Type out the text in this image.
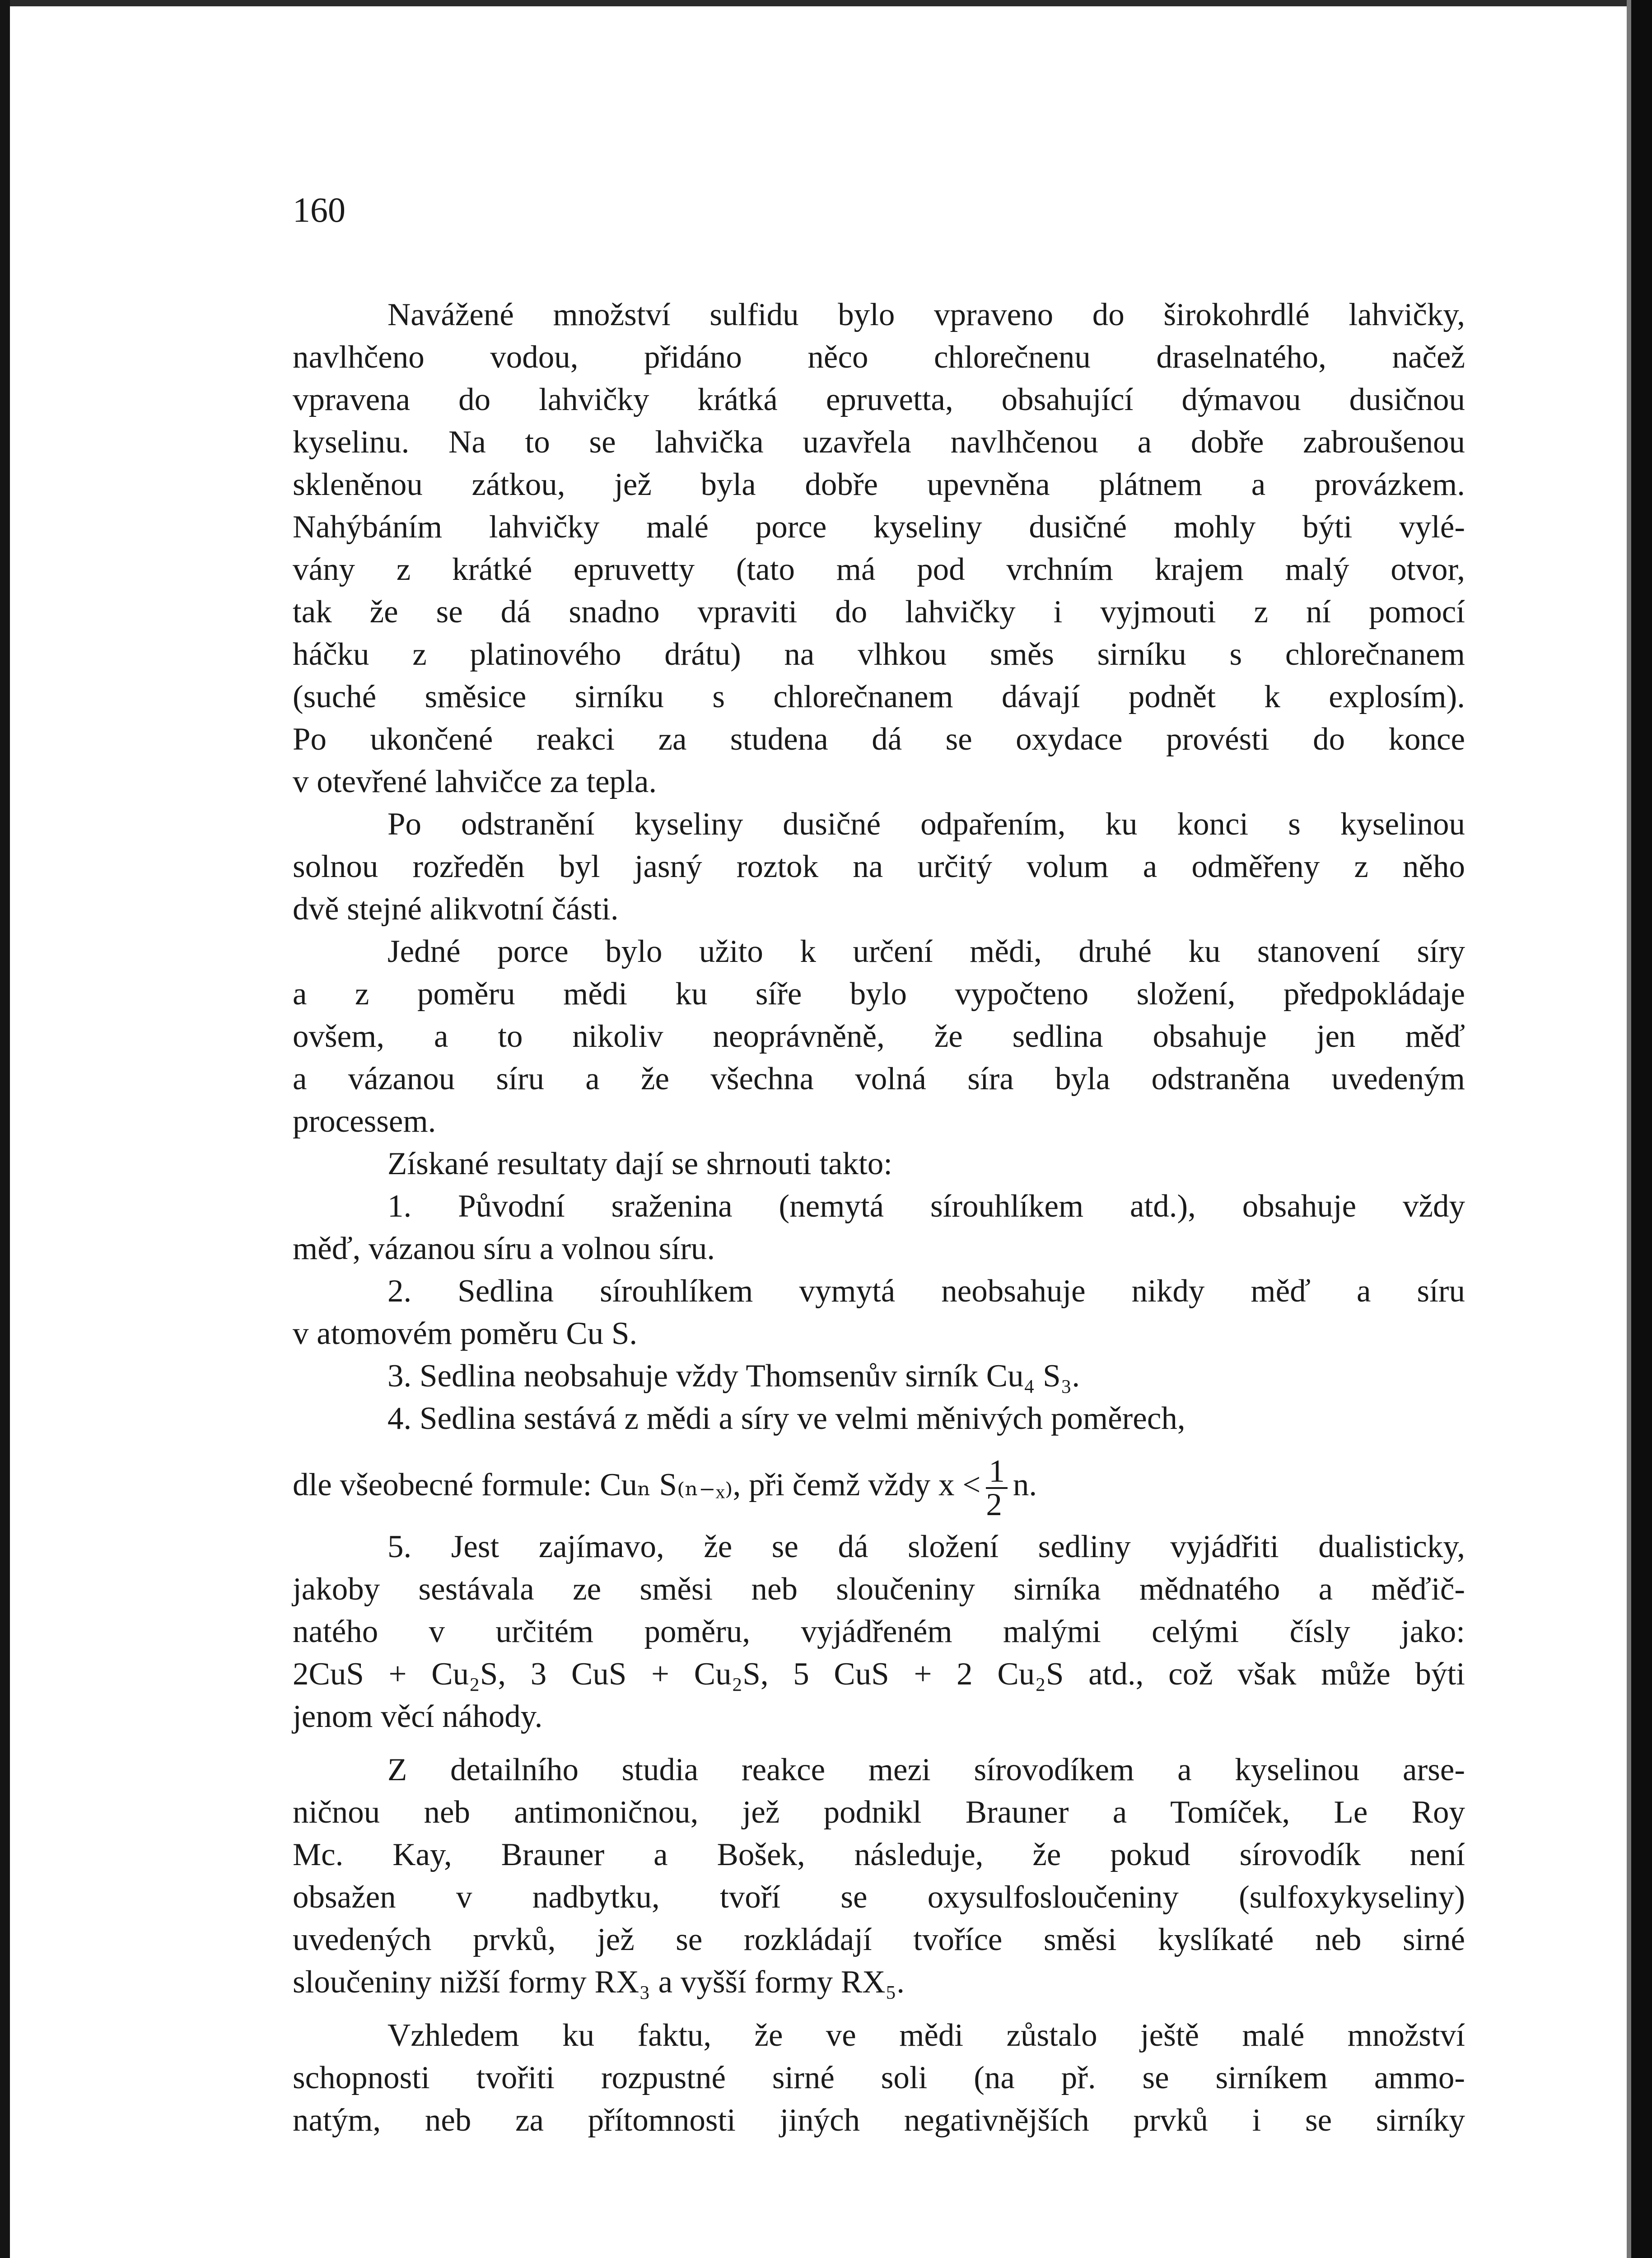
160
Navážené množství sulfidu bylo vpraveno do širokohrdlé lahvičky,
navlhčeno vodou, přidáno něco chlorečnenu draselnatého, načež
vpravena do lahvičky krátká epruvetta, obsahující dýmavou dusičnou
kyselinu. Na to se lahvička uzavřela navlhčenou a dobře zabroušenou
skleněnou zátkou, jež byla dobře upevněna plátnem a provázkem.
Nahýbáním lahvičky malé porce kyseliny dusičné mohly býti vylé-
vány z krátké epruvetty (tato má pod vrchním krajem malý otvor,
tak že se dá snadno vpraviti do lahvičky i vyjmouti z ní pomocí
háčku z platinového drátu) na vlhkou směs sirníku s chlorečnanem
(suché směsice sirníku s chlorečnanem dávají podnět k explosím).
Po ukončené reakci za studena dá se oxydace provésti do konce
v otevřené lahvičce za tepla.
Po odstranění kyseliny dusičné odpařením, ku konci s kyselinou
solnou rozředěn byl jasný roztok na určitý volum a odměřeny z něho
dvě stejné alikvotní části.
Jedné porce bylo užito k určení mědi, druhé ku stanovení síry
a z poměru mědi ku síře bylo vypočteno složení, předpokládaje
ovšem, a to nikoliv neoprávněně, že sedlina obsahuje jen měď
a vázanou síru a že všechna volná síra byla odstraněna uvedeným
processem.
Získané resultaty dají se shrnouti takto:
1. Původní sraženina (nemytá sírouhlíkem atd.), obsahuje vždy
měď, vázanou síru a volnou síru.
2. Sedlina sírouhlíkem vymytá neobsahuje nikdy měď a síru
v atomovém poměru Cu S.
3. Sedlina neobsahuje vždy Thomsenův sirník Cu₄ S₃.
4. Sedlina sestává z mědi a síry ve velmi měnivých poměrech,
dle všeobecné formule: Cuₙ S₍ₙ₋ₓ₎, při čemž vždy $x < \frac{1}{2} n$.
5. Jest zajímavo, že se dá složení sedliny vyjádřiti dualisticky,
jakoby sestávala ze směsi neb sloučeniny sirníka mědnatého a měďič-
natého v určitém poměru, vyjádřeném malými celými čísly jako:
2CuS + Cu₂S, 3 CuS + Cu₂S, 5 CuS + 2 Cu₂S atd., což však může býti
jenom věcí náhody.
Z detailního studia reakce mezi sírovodíkem a kyselinou arse-
ničnou neb antimoničnou, jež podnikl Brauner a Tomíček, Le Roy
Mc. Kay, Brauner a Bošek, následuje, že pokud sírovodík není
obsažen v nadbytku, tvoří se oxysulfosloučeniny (sulfoxykyseliny)
uvedených prvků, jež se rozkládají tvoříce směsi kyslíkaté neb sirné
sloučeniny nižší formy RX₃ a vyšší formy RX₅.
Vzhledem ku faktu, že ve mědi zůstalo ještě malé množství
schopnosti tvořiti rozpustné sirné soli (na př. se sirníkem ammo-
natým, neb za přítomnosti jiných negativnějších prvků i se sirníky
